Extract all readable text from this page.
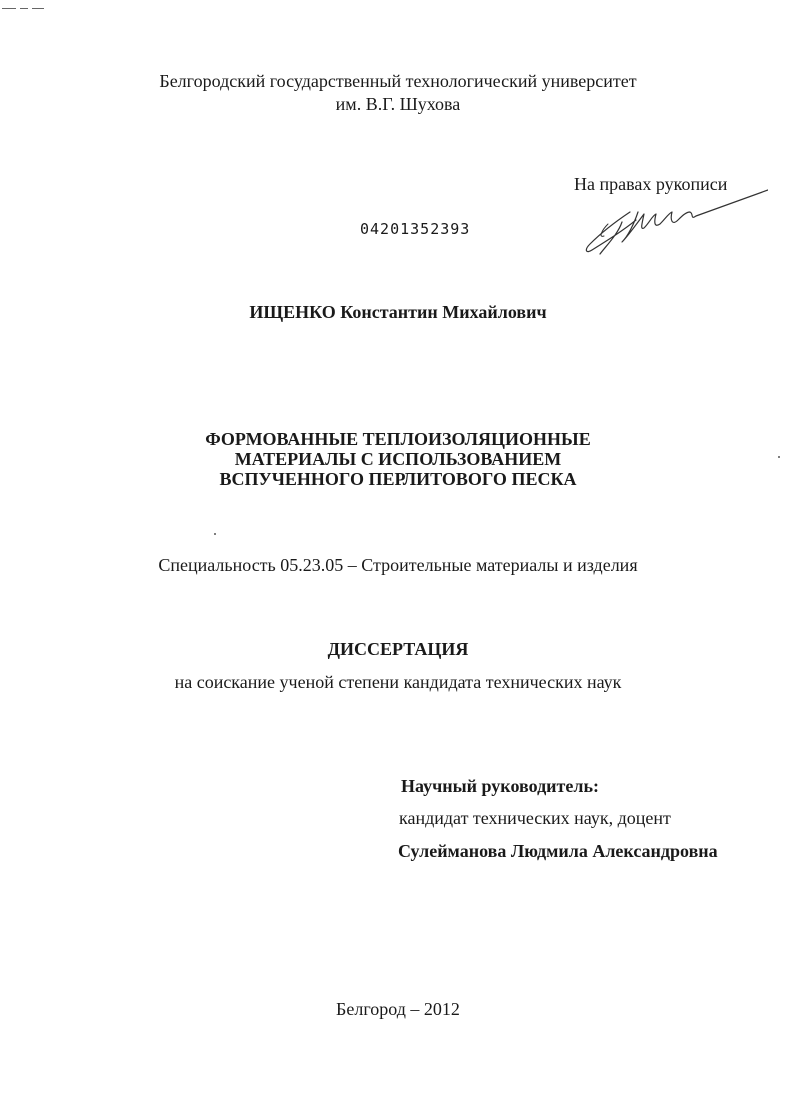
Белгородский государственный технологический университет
им. В.Г. Шухова
На правах рукописи
04201352393
ИЩЕНКО Константин Михайлович
ФОРМОВАННЫЕ ТЕПЛОИЗОЛЯЦИОННЫЕ
МАТЕРИАЛЫ С ИСПОЛЬЗОВАНИЕМ
ВСПУЧЕННОГО ПЕРЛИТОВОГО ПЕСКА
Специальность 05.23.05 – Строительные материалы и изделия
ДИССЕРТАЦИЯ
на соискание ученой степени кандидата технических наук
Научный руководитель:
кандидат технических наук, доцент
Сулейманова Людмила Александровна
Белгород – 2012
